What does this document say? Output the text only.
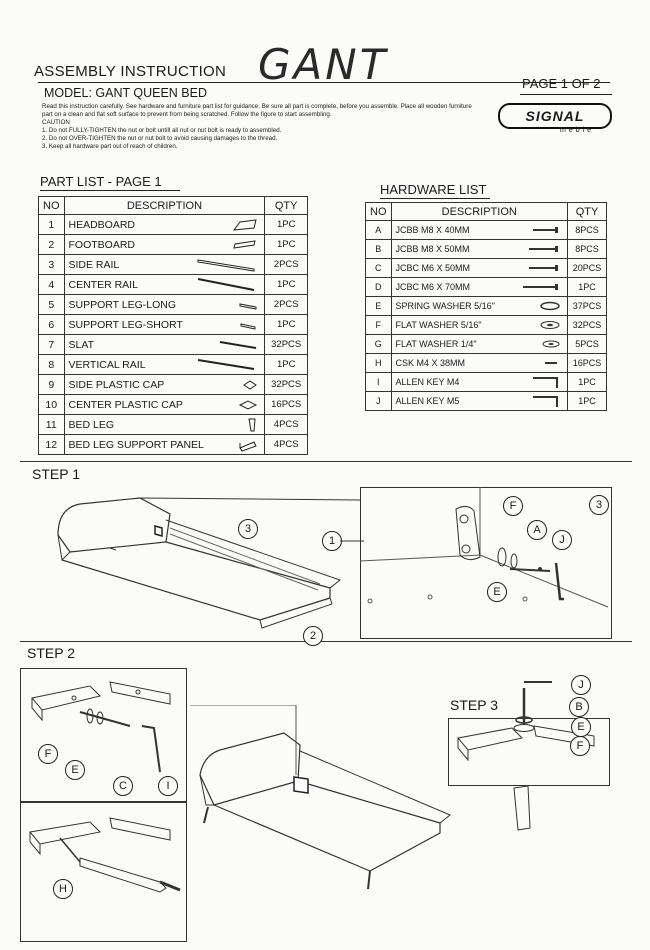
ASSEMBLY INSTRUCTION GANT	PAGE 1 OF 2
MODEL: GANT QUEEN BED
SIGNAL
meble
Read this instruction carefully. See hardware and furniture part list for guidance. Be sure all part is complete, before you assemble. Place all wooden furniture part on a clean and flat soft surface to prevent from being scratched. Follow the figure to start assembling.
CAUTION
1. Do not FULLY-TIGHTEN the nut or bolt untill all nut or nut bolt is ready to assembled.
2. Do not OVER-TIGHTEN the nut or nut bolt to avoid causing damages to the thread.
3. Keep all hardware part out of reach of children.
PART LIST - PAGE 1
NO	DESCRIPTION	QTY
1	HEADBOARD	1PC
2	FOOTBOARD	1PC
3	SIDE RAIL	2PCS
4	CENTER RAIL	1PC
5	SUPPORT LEG-LONG	2PCS
6	SUPPORT LEG-SHORT	1PC
7	SLAT	32PCS
8	VERTICAL RAIL	1PC
9	SIDE PLASTIC CAP	32PCS
10	CENTER PLASTIC CAP	16PCS
11	BED LEG	4PCS
12	BED LEG SUPPORT PANEL	4PCS
HARDWARE LIST
NO	DESCRIPTION	QTY
A	JCBB M8 X 40MM	8PCS
B	JCBB M8 X 50MM	8PCS
C	JCBC M6 X 50MM	20PCS
D	JCBC M6 X 70MM	1PC
E	SPRING WASHER 5/16"	37PCS
F	FLAT WASHER 5/16"	32PCS
G	FLAT WASHER 1/4"	5PCS
H	CSK M4 X 38MM	16PCS
I	ALLEN KEY M4	1PC
J	ALLEN KEY M5	1PC
STEP 1
3
1
2
F
A
J
E
3
STEP 2
F
E
C	I
H
STEP 3
J
B
E
F
